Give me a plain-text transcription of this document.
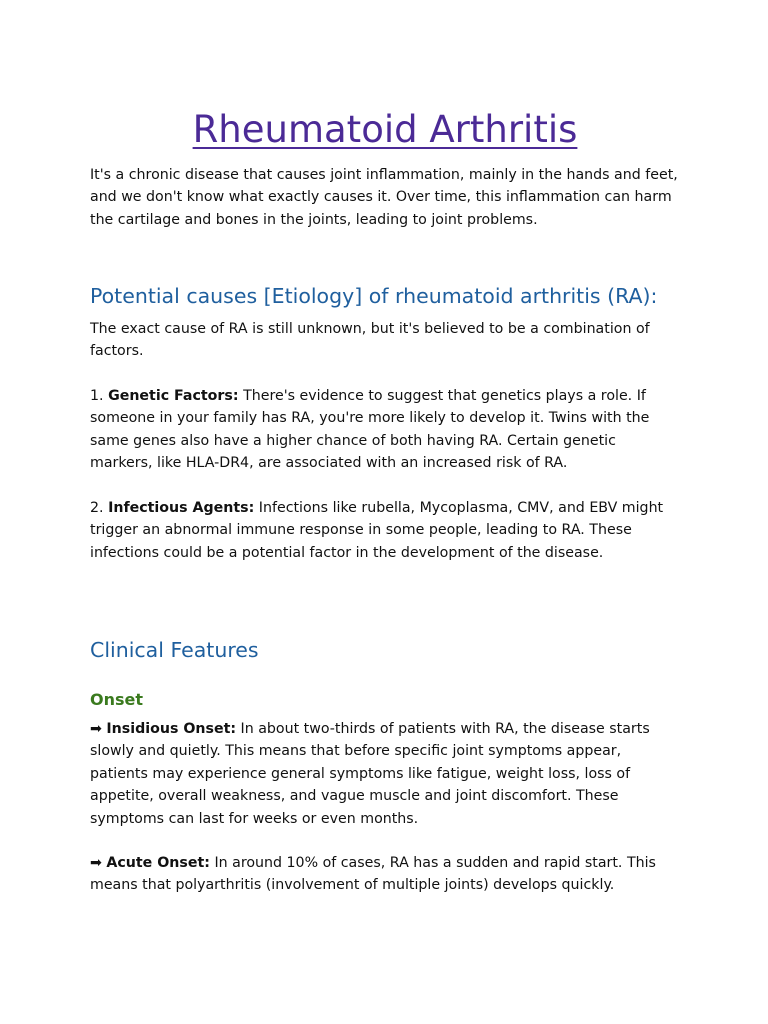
Rheumatoid Arthritis

It's a chronic disease that causes joint inflammation, mainly in the hands and feet, and we don't know what exactly causes it. Over time, this inflammation can harm the cartilage and bones in the joints, leading to joint problems.

Potential causes [Etiology] of rheumatoid arthritis (RA):

The exact cause of RA is still unknown, but it's believed to be a combination of factors.

1. Genetic Factors: There's evidence to suggest that genetics plays a role. If someone in your family has RA, you're more likely to develop it. Twins with the same genes also have a higher chance of both having RA. Certain genetic markers, like HLA-DR4, are associated with an increased risk of RA.

2. Infectious Agents: Infections like rubella, Mycoplasma, CMV, and EBV might trigger an abnormal immune response in some people, leading to RA. These infections could be a potential factor in the development of the disease.

Clinical Features
Onset

➡ Insidious Onset: In about two-thirds of patients with RA, the disease starts slowly and quietly. This means that before specific joint symptoms appear, patients may experience general symptoms like fatigue, weight loss, loss of appetite, overall weakness, and vague muscle and joint discomfort. These symptoms can last for weeks or even months.

➡ Acute Onset: In around 10% of cases, RA has a sudden and rapid start. This means that polyarthritis (involvement of multiple joints) develops quickly.
